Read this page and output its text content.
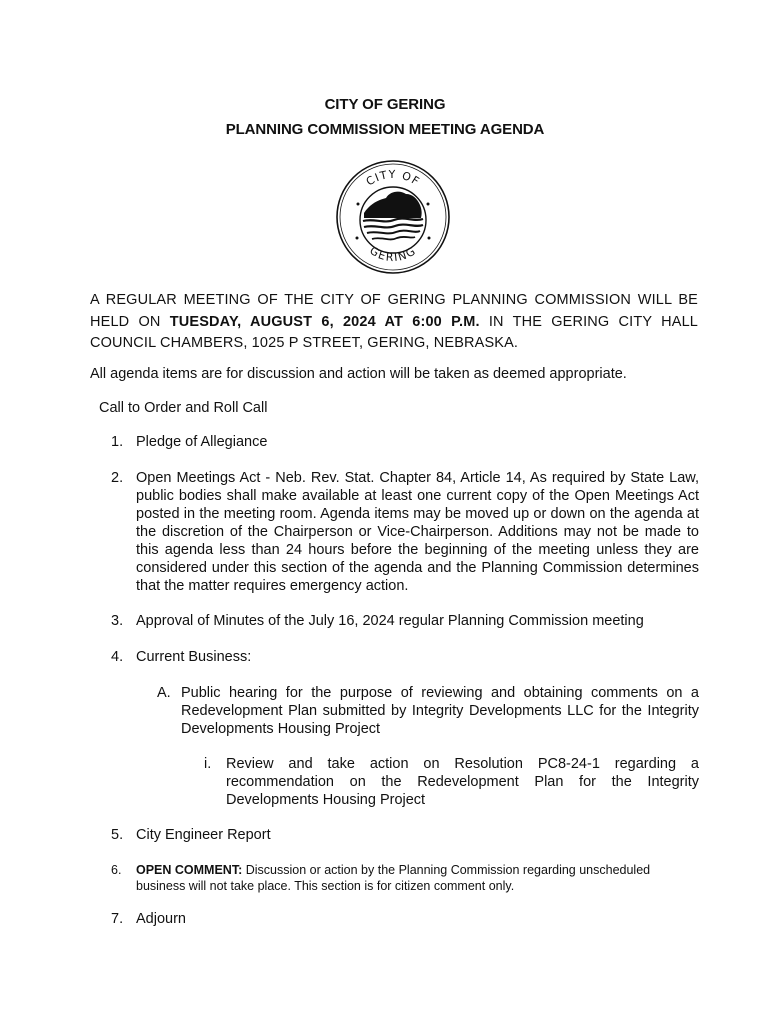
CITY OF GERING
PLANNING COMMISSION MEETING AGENDA
CITY OF
GERING
A REGULAR MEETING OF THE CITY OF GERING PLANNING COMMISSION WILL BE HELD ON TUESDAY, AUGUST 6, 2024 AT 6:00 P.M. IN THE GERING CITY HALL COUNCIL CHAMBERS, 1025 P STREET, GERING, NEBRASKA.
All agenda items are for discussion and action will be taken as deemed appropriate.
Call to Order and Roll Call
1. Pledge of Allegiance
2. Open Meetings Act - Neb. Rev. Stat. Chapter 84, Article 14, As required by State Law, public bodies shall make available at least one current copy of the Open Meetings Act posted in the meeting room. Agenda items may be moved up or down on the agenda at the discretion of the Chairperson or Vice-Chairperson. Additions may not be made to this agenda less than 24 hours before the beginning of the meeting unless they are considered under this section of the agenda and the Planning Commission determines that the matter requires emergency action.
3. Approval of Minutes of the July 16, 2024 regular Planning Commission meeting
4. Current Business:
A. Public hearing for the purpose of reviewing and obtaining comments on a Redevelopment Plan submitted by Integrity Developments LLC for the Integrity Developments Housing Project
i. Review and take action on Resolution PC8-24-1 regarding a recommendation on the Redevelopment Plan for the Integrity Developments Housing Project
5. City Engineer Report
6.	OPEN COMMENT: Discussion or action by the Planning Commission regarding unscheduled business will not take place. This section is for citizen comment only.
7. Adjourn
